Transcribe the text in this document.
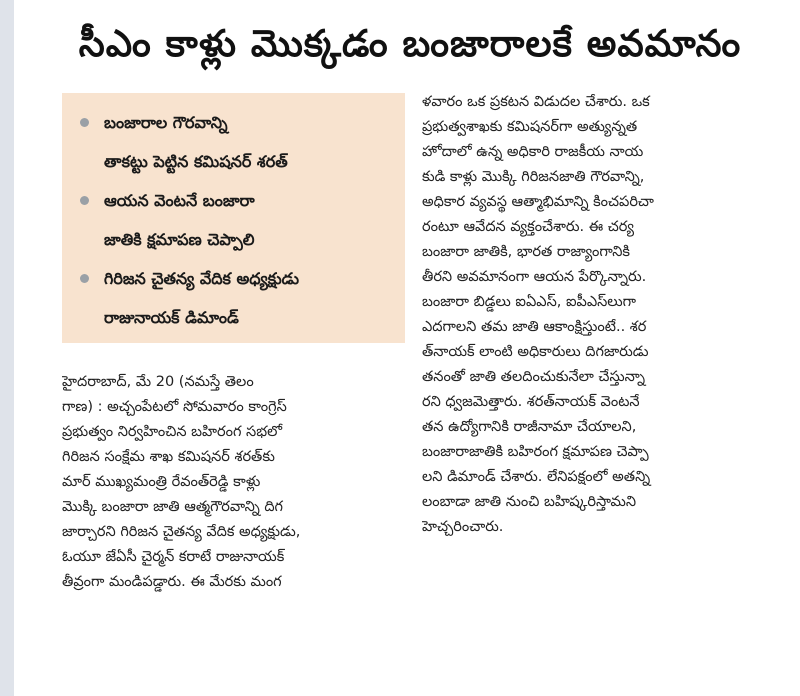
సీఎం కాళ్లు మొక్కడం బంజారాలకే అవమానం
బంజారాల గౌరవాన్ని
తాకట్టు పెట్టిన కమిషనర్ శరత్
ఆయన వెంటనే బంజారా
జాతికి క్షమాపణ చెప్పాలి
గిరిజన చైతన్య వేదిక అధ్యక్షుడు
రాజునాయక్ డిమాండ్
హైదరాబాద్, మే 20 (నమస్తే తెలం
గాణ) : అచ్చంపేటలో సోమవారం కాంగ్రెస్
ప్రభుత్వం నిర్వహించిన బహిరంగ సభలో
గిరిజన సంక్షేమ శాఖ కమిషనర్ శరత్‌కు
మార్ ముఖ్యమంత్రి రేవంత్‌రెడ్డి కాళ్లు
మొక్కి బంజారా జాతి ఆత్మగౌరవాన్ని దిగ
జార్చారని గిరిజన చైతన్య వేదిక అధ్యక్షుడు,
ఓయూ జేఏసీ చైర్మన్ కరాటే రాజునాయక్
తీవ్రంగా మండిపడ్డారు. ఈ మేరకు మంగ
ళవారం ఒక ప్రకటన విడుదల చేశారు. ఒక
ప్రభుత్వశాఖకు కమిషనర్‌గా అత్యున్నత
హోదాలో ఉన్న అధికారి రాజకీయ నాయ
కుడి కాళ్లు మొక్కి గిరిజనజాతి గౌరవాన్ని,
అధికార వ్యవస్థ ఆత్మాభిమాన్ని కించపరిచా
రంటూ ఆవేదన వ్యక్తంచేశారు. ఈ చర్య
బంజారా జాతికి, భారత రాజ్యాంగానికి
తీరని అవమానంగా ఆయన పేర్కొన్నారు.
బంజారా బిడ్డలు ఐఏఎస్, ఐపీఎస్‌లుగా
ఎదగాలని తమ జాతి ఆకాంక్షిస్తుంటే.. శర
త్‌నాయక్ లాంటి అధికారులు దిగజారుడు
తనంతో జాతి తలదించుకునేలా చేస్తున్నా
రని ధ్వజమెత్తారు. శరత్‌నాయక్ వెంటనే
తన ఉద్యోగానికి రాజీనామా చేయాలని,
బంజారాజాతికి బహిరంగ క్షమాపణ చెప్పా
లని డిమాండ్ చేశారు. లేనిపక్షంలో అతన్ని
లంబాడా జాతి నుంచి బహిష్కరిస్తామని
హెచ్చరించారు.
